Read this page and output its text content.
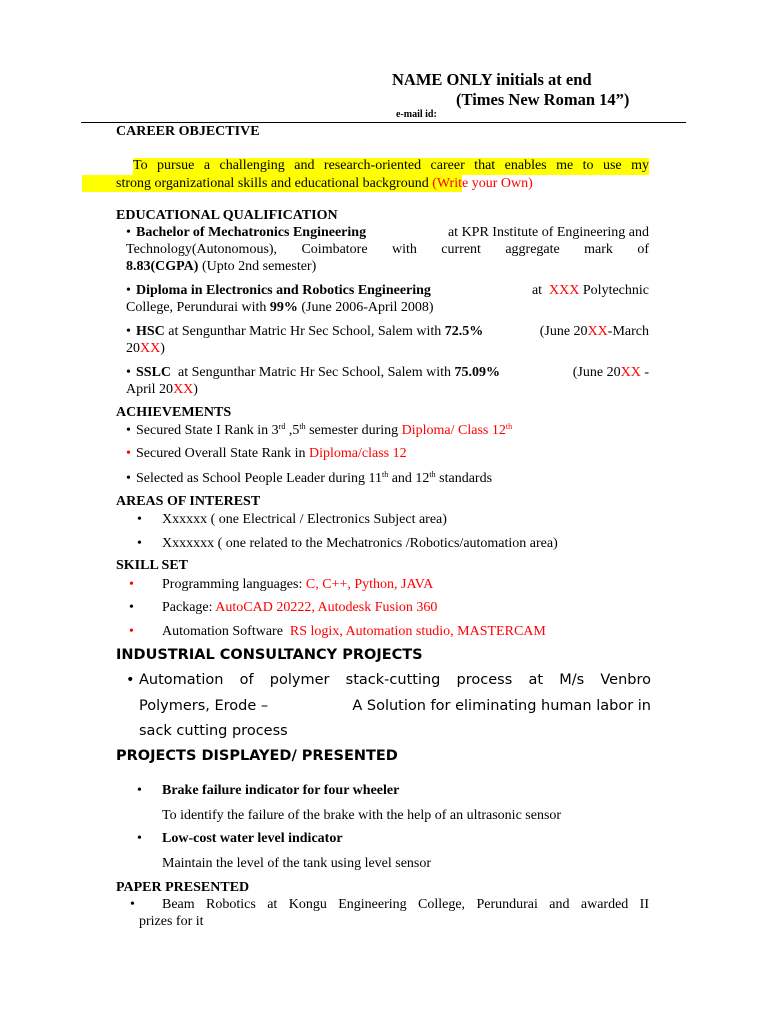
NAME ONLY initials at end
(Times New Roman 14”)
e-mail id:
CAREER OBJECTIVE
To pursue a challenging and research-oriented career that enables me to use my
strong organizational skills and educational background (Write your Own)
EDUCATIONAL QUALIFICATION
• Bachelor of Mechatronics Engineering	at KPR Institute of Engineering and
Technology(Autonomous), Coimbatore with current aggregate mark of
8.83(CGPA) (Upto 2nd semester)
• Diploma in Electronics and Robotics Engineering	at XXX Polytechnic
College, Perundurai with 99% (June 2006-April 2008)
• HSC at Sengunthar Matric Hr Sec School, Salem with 72.5%	(June 20XX-March
20XX)
• SSLC at Sengunthar Matric Hr Sec School, Salem with 75.09%	(June 20XX -
April 20XX)
ACHIEVEMENTS
• Secured State I Rank in 3rd ,5th semester during Diploma/ Class 12th
• Secured Overall State Rank in Diploma/class 12
• Selected as School People Leader during 11th and 12th standards
AREAS OF INTEREST
• Xxxxxx ( one Electrical / Electronics Subject area)
• Xxxxxxx ( one related to the Mechatronics /Robotics/automation area)
SKILL SET
• Programming languages: C, C++, Python, JAVA
• Package: AutoCAD 20222, Autodesk Fusion 360
• Automation Software  RS logix, Automation studio, MASTERCAM
INDUSTRIAL CONSULTANCY PROJECTS
• Automation   of   polymer   stack-cutting   process   at   M/s   Venbro
Polymers, Erode –	A Solution for eliminating human labor in
sack cutting process
PROJECTS DISPLAYED/ PRESENTED
• Brake failure indicator for four wheeler
To identify the failure of the brake with the help of an ultrasonic sensor
• Low-cost water level indicator
Maintain the level of the tank using level sensor
PAPER PRESENTED
•	Beam  Robotics  at  Kongu  Engineering  College,  Perundurai  and  awarded  II
prizes for it
